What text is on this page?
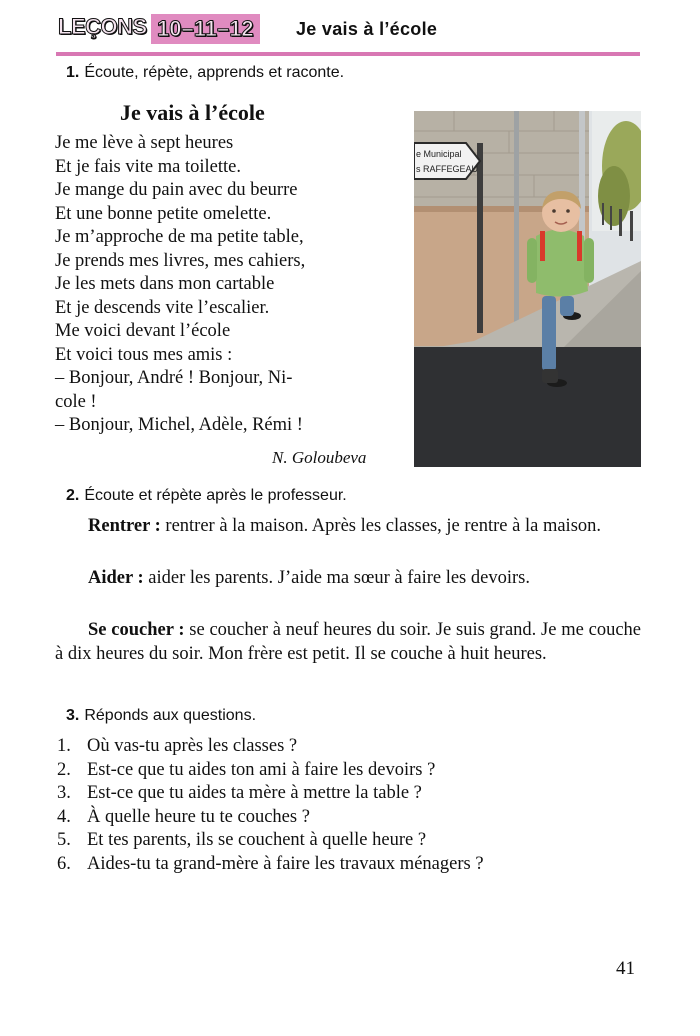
LEÇONS 10–11–12	Je vais à l’école
1. Écoute, répète, apprends et raconte.
Je vais à l’école
Je me lève à sept heures
Et je fais vite ma toilette.
Je mange du pain avec du beurre
Et une bonne petite omelette.
Je m’approche de ma petite table,
Je prends mes livres, mes cahiers,
Je les mets dans mon cartable
Et je descends vite l’escalier.
Me voici devant l’école
Et voici tous mes amis :
– Bonjour, André ! Bonjour, Ni-
cole !
– Bonjour, Michel, Adèle, Rémi !
N. Goloubeva
e Municipal
s RAFFEGEAU
2. Écoute et répète après le professeur.

Rentrer : rentrer à la maison. Après les classes, je rentre à la maison.

Aider : aider les parents. J’aide ma sœur à faire les devoirs.

Se coucher : se coucher à neuf heures du soir. Je suis grand. Je me couche à dix heures du soir. Mon frère est petit. Il se couche à huit heures.

3. Réponds aux questions.
1. Où vas-tu après les classes ?
2. Est-ce que tu aides ton ami à faire les devoirs ?
3. Est-ce que tu aides ta mère à mettre la table ?
4. À quelle heure tu te couches ?
5. Et tes parents, ils se couchent à quelle heure ?
6. Aides-tu ta grand-mère à faire les travaux ménagers ?
41
